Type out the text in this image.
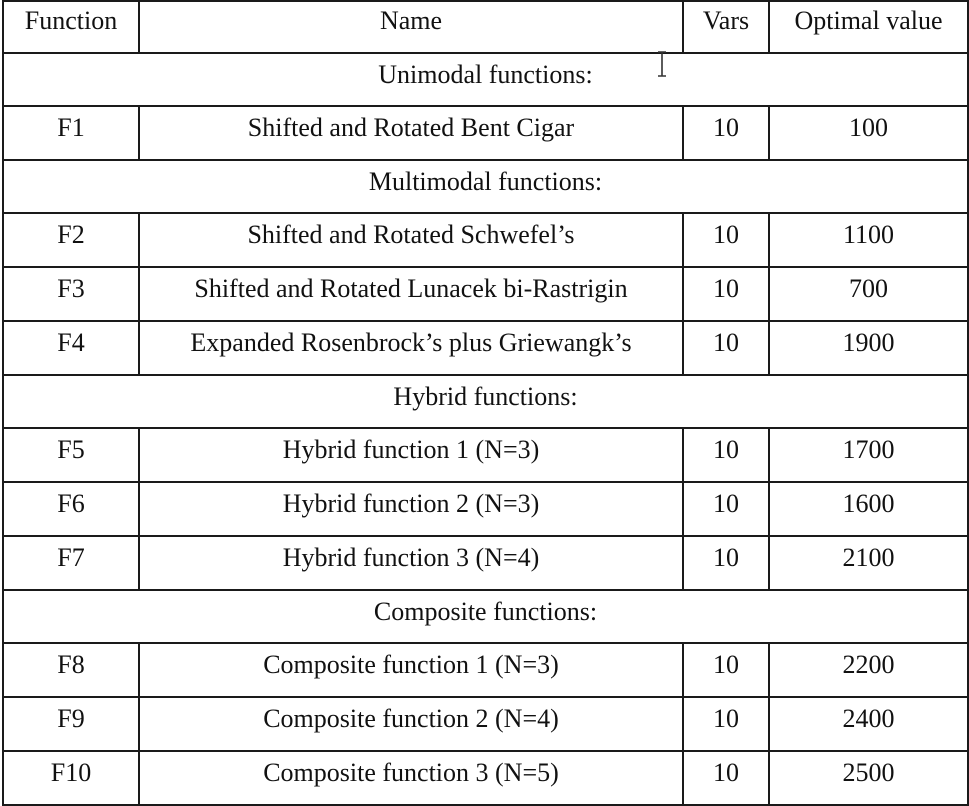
Function	Name	Vars	Optimal value
Unimodal functions:			
F1	Shifted and Rotated Bent Cigar	10	100
Multimodal functions:			
F2	Shifted and Rotated Schwefel’s	10	1100
F3	Shifted and Rotated Lunacek bi-Rastrigin	10	700
F4	Expanded Rosenbrock’s plus Griewangk’s	10	1900
Hybrid functions:			
F5	Hybrid function 1 (N=3)	10	1700
F6	Hybrid function 2 (N=3)	10	1600
F7	Hybrid function 3 (N=4)	10	2100
Composite functions:			
F8	Composite function 1 (N=3)	10	2200
F9	Composite function 2 (N=4)	10	2400
F10	Composite function 3 (N=5)	10	2500
